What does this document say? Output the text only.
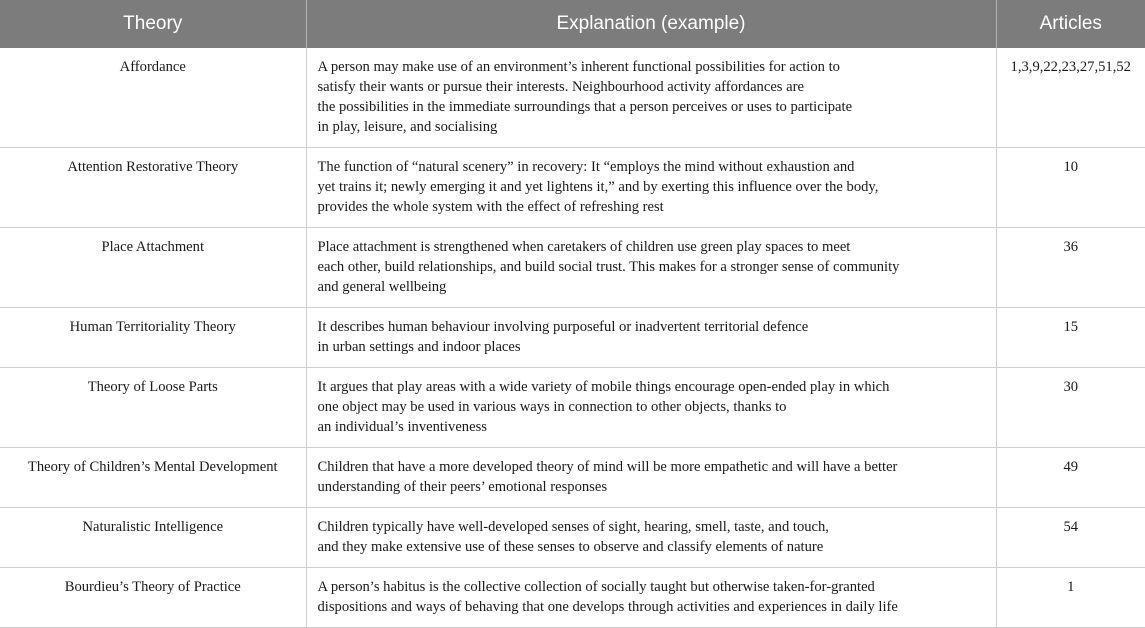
Theory	Explanation (example)	Articles
Affordance	A person may make use of an environment’s inherent functional possibilities for action to
satisfy their wants or pursue their interests. Neighbourhood activity affordances are
the possibilities in the immediate surroundings that a person perceives or uses to participate
in play, leisure, and socialising	1,3,9,22,23,27,51,52
Attention Restorative Theory	The function of “natural scenery” in recovery: It “employs the mind without exhaustion and
yet trains it; newly emerging it and yet lightens it,” and by exerting this influence over the body,
provides the whole system with the effect of refreshing rest	10
Place Attachment	Place attachment is strengthened when caretakers of children use green play spaces to meet
each other, build relationships, and build social trust. This makes for a stronger sense of community
and general wellbeing	36
Human Territoriality Theory	It describes human behaviour involving purposeful or inadvertent territorial defence
in urban settings and indoor places	15
Theory of Loose Parts	It argues that play areas with a wide variety of mobile things encourage open-ended play in which
one object may be used in various ways in connection to other objects, thanks to
an individual’s inventiveness	30
Theory of Children’s Mental Development	Children that have a more developed theory of mind will be more empathetic and will have a better
understanding of their peers’ emotional responses	49
Naturalistic Intelligence	Children typically have well-developed senses of sight, hearing, smell, taste, and touch,
and they make extensive use of these senses to observe and classify elements of nature	54
Bourdieu’s Theory of Practice	A person’s habitus is the collective collection of socially taught but otherwise taken-for-granted
dispositions and ways of behaving that one develops through activities and experiences in daily life	1
